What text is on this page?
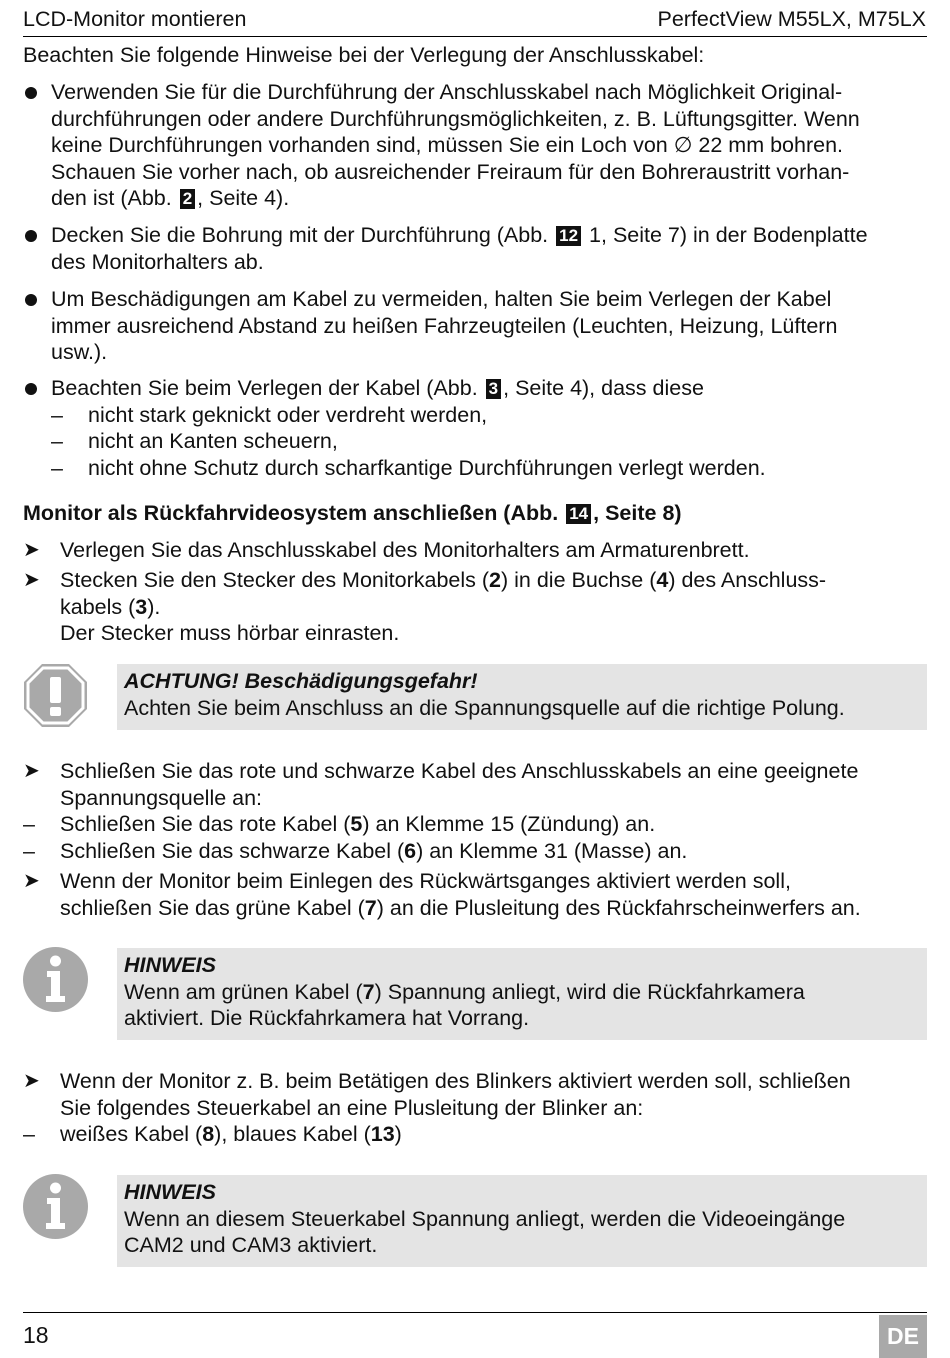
LCD-Monitor montieren	PerfectView M55LX, M75LX
Beachten Sie folgende Hinweise bei der Verlegung der Anschlusskabel:
Verwenden Sie für die Durchführung der Anschlusskabel nach Möglichkeit Original-
durchführungen oder andere Durchführungsmöglichkeiten, z. B. Lüftungsgitter. Wenn
keine Durchführungen vorhanden sind, müssen Sie ein Loch von ∅ 22 mm bohren.
Schauen Sie vorher nach, ob ausreichender Freiraum für den Bohreraustritt vorhan-
den ist (Abb. 2 , Seite 4).
Decken Sie die Bohrung mit der Durchführung (Abb. 12 1, Seite 7) in der Bodenplatte
des Monitorhalters ab.
Um Beschädigungen am Kabel zu vermeiden, halten Sie beim Verlegen der Kabel
immer ausreichend Abstand zu heißen Fahrzeugteilen (Leuchten, Heizung, Lüftern
usw.).
Beachten Sie beim Verlegen der Kabel (Abb. 3 , Seite 4), dass diese
– nicht stark geknickt oder verdreht werden,
– nicht an Kanten scheuern,
– nicht ohne Schutz durch scharfkantige Durchführungen verlegt werden.
Monitor als Rückfahrvideosystem anschließen (Abb. 14 , Seite 8)
➤ Verlegen Sie das Anschlusskabel des Monitorhalters am Armaturenbrett.
➤ Stecken Sie den Stecker des Monitorkabels (2) in die Buchse (4) des Anschluss-
kabels (3).
Der Stecker muss hörbar einrasten.
ACHTUNG! Beschädigungsgefahr!
Achten Sie beim Anschluss an die Spannungsquelle auf die richtige Polung.
➤ Schließen Sie das rote und schwarze Kabel des Anschlusskabels an eine geeignete
Spannungsquelle an:
– Schließen Sie das rote Kabel (5) an Klemme 15 (Zündung) an.
– Schließen Sie das schwarze Kabel (6) an Klemme 31 (Masse) an.
➤ Wenn der Monitor beim Einlegen des Rückwärtsganges aktiviert werden soll,
schließen Sie das grüne Kabel (7) an die Plusleitung des Rückfahrscheinwerfers an.
HINWEIS
Wenn am grünen Kabel (7) Spannung anliegt, wird die Rückfahrkamera
aktiviert. Die Rückfahrkamera hat Vorrang.
➤ Wenn der Monitor z. B. beim Betätigen des Blinkers aktiviert werden soll, schließen
Sie folgendes Steuerkabel an eine Plusleitung der Blinker an:
– weißes Kabel (8), blaues Kabel (13)
HINWEIS
Wenn an diesem Steuerkabel Spannung anliegt, werden die Videoeingänge
CAM2 und CAM3 aktiviert.
18	DE
